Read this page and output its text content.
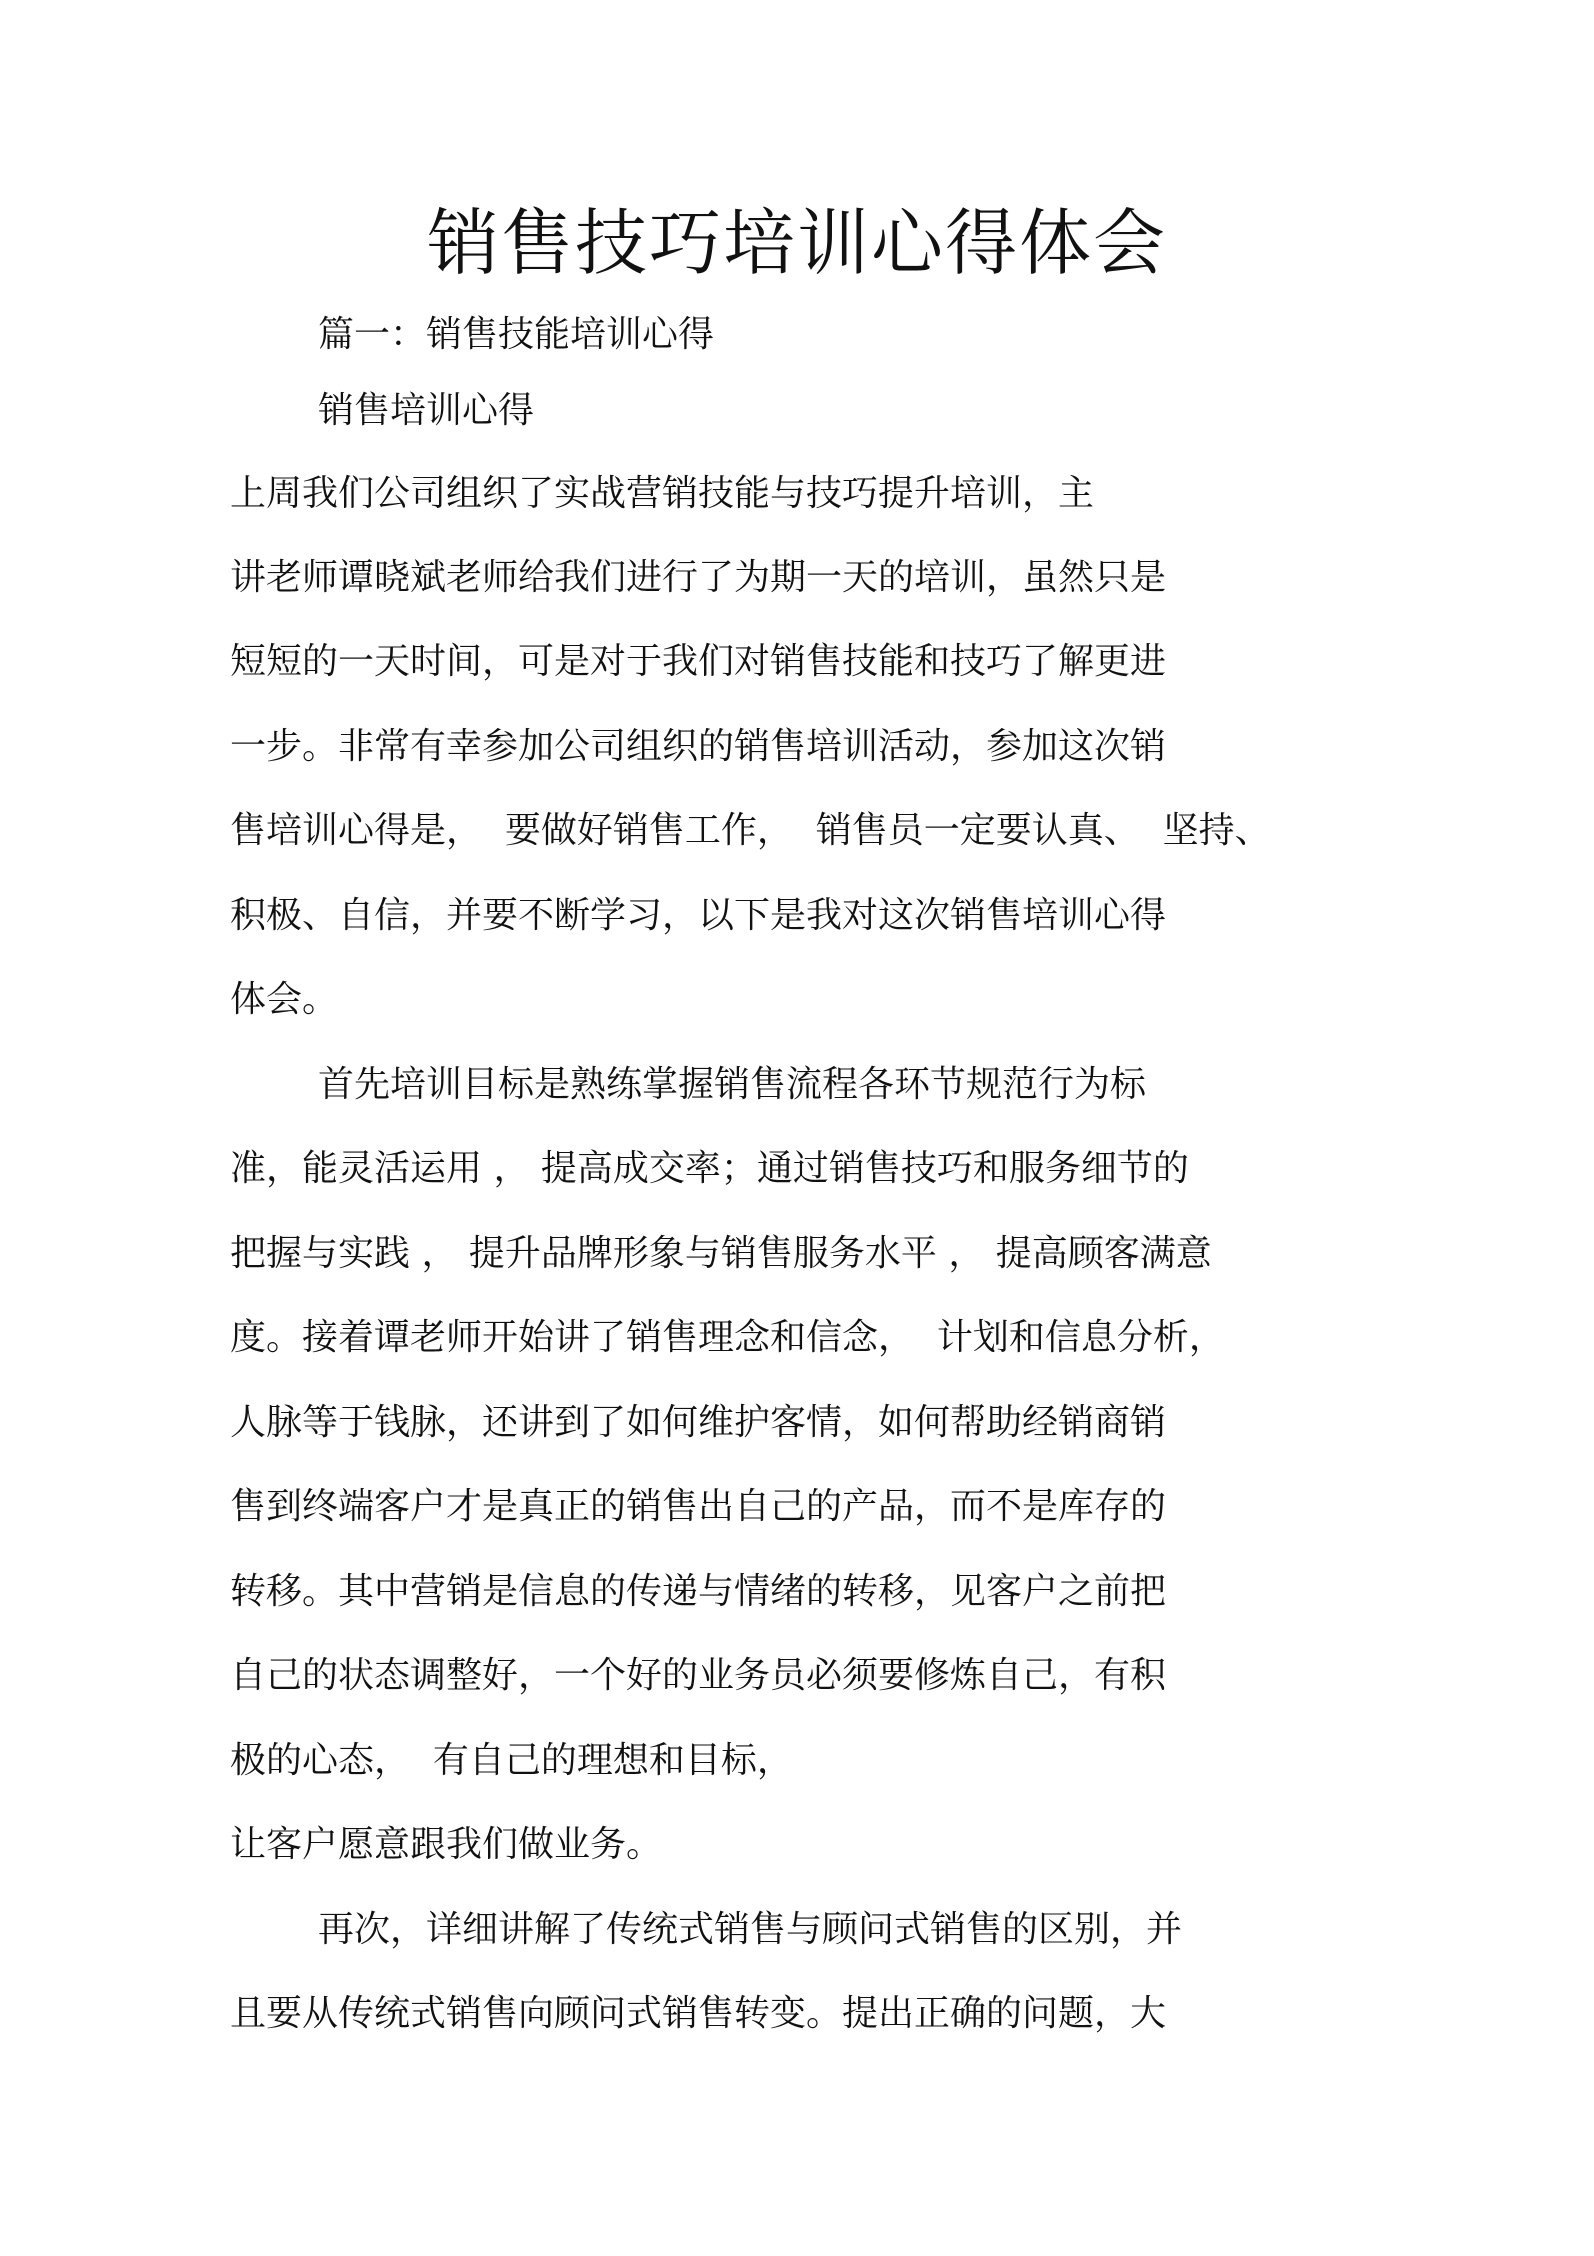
销售技巧培训心得体会
篇一：销售技能培训心得
销售培训心得
上周我们公司组织了实战营销技能与技巧提升培训，主
讲老师谭晓斌老师给我们进行了为期一天的培训，虽然只是
短短的一天时间，可是对于我们对销售技能和技巧了解更进
一步。非常有幸参加公司组织的销售培训活动，参加这次销
售培训心得是，  要做好销售工作，  销售员一定要认真、  坚持、
积极、自信，并要不断学习，以下是我对这次销售培训心得
体会。
首先培训目标是熟练掌握销售流程各环节规范行为标
准，能灵活运用 ， 提高成交率；通过销售技巧和服务细节的
把握与实践 ， 提升品牌形象与销售服务水平 ， 提高顾客满意
度。接着谭老师开始讲了销售理念和信念，  计划和信息分析，
人脉等于钱脉，还讲到了如何维护客情，如何帮助经销商销
售到终端客户才是真正的销售出自己的产品，而不是库存的
转移。其中营销是信息的传递与情绪的转移，见客户之前把
自己的状态调整好，一个好的业务员必须要修炼自己，有积
极的心态，  有自己的理想和目标，
让客户愿意跟我们做业务。
再次，详细讲解了传统式销售与顾问式销售的区别，并
且要从传统式销售向顾问式销售转变。提出正确的问题，大
